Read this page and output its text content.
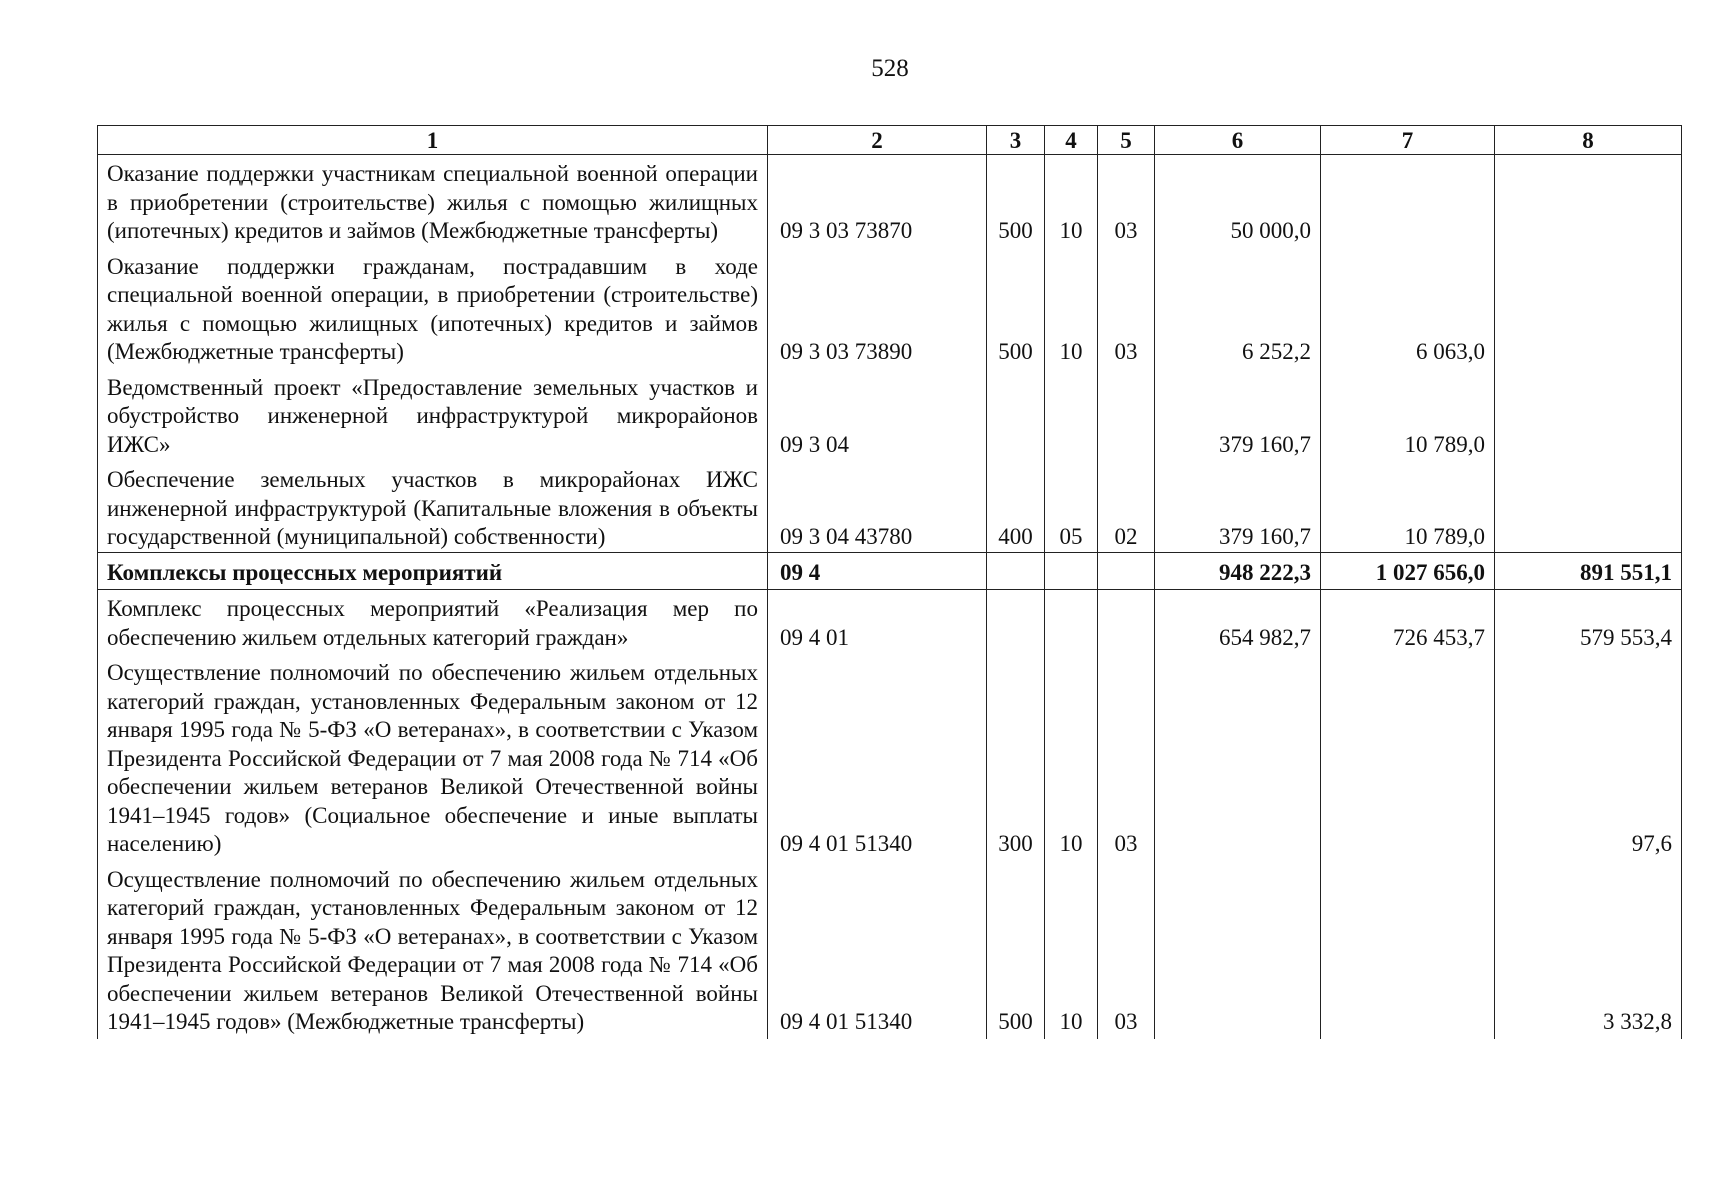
528
1	2	3	4	5	6	7	8
Оказание поддержки участникам специальной военной операции в приобретении (строительстве) жилья с помощью жилищных (ипотечных) кредитов и займов (Межбюджетные трансферты)	09 3 03 73870	500	10	03	50 000,0		
Оказание поддержки гражданам, пострадавшим в ходе специальной военной операции, в приобретении (строительстве) жилья с помощью жилищных (ипотечных) кредитов и займов (Межбюджетные трансферты)	09 3 03 73890	500	10	03	6 252,2	6 063,0	
Ведомственный проект «Предоставление земельных участков и обустройство инженерной инфраструктурой микрорайонов ИЖС»	09 3 04				379 160,7	10 789,0	
Обеспечение земельных участков в микрорайонах ИЖС инженерной инфраструктурой (Капитальные вложения в объекты государственной (муниципальной) собственности)	09 3 04 43780	400	05	02	379 160,7	10 789,0	
Комплексы процессных мероприятий	09 4				948 222,3	1 027 656,0	891 551,1
Комплекс процессных мероприятий «Реализация мер по обеспечению жильем отдельных категорий граждан»	09 4 01				654 982,7	726 453,7	579 553,4
Осуществление полномочий по обеспечению жильем отдельных категорий граждан, установленных Федеральным законом от 12 января 1995 года № 5-ФЗ «О ветеранах», в соответствии с Указом Президента Российской Федерации от 7 мая 2008 года № 714 «Об обеспечении жильем ветеранов Великой Отечественной войны 1941–1945 годов» (Социальное обеспечение и иные выплаты населению)	09 4 01 51340	300	10	03			97,6
Осуществление полномочий по обеспечению жильем отдельных категорий граждан, установленных Федеральным законом от 12 января 1995 года № 5-ФЗ «О ветеранах», в соответствии с Указом Президента Российской Федерации от 7 мая 2008 года № 714 «Об обеспечении жильем ветеранов Великой Отечественной войны 1941–1945 годов» (Межбюджетные трансферты)	09 4 01 51340	500	10	03			3 332,8
